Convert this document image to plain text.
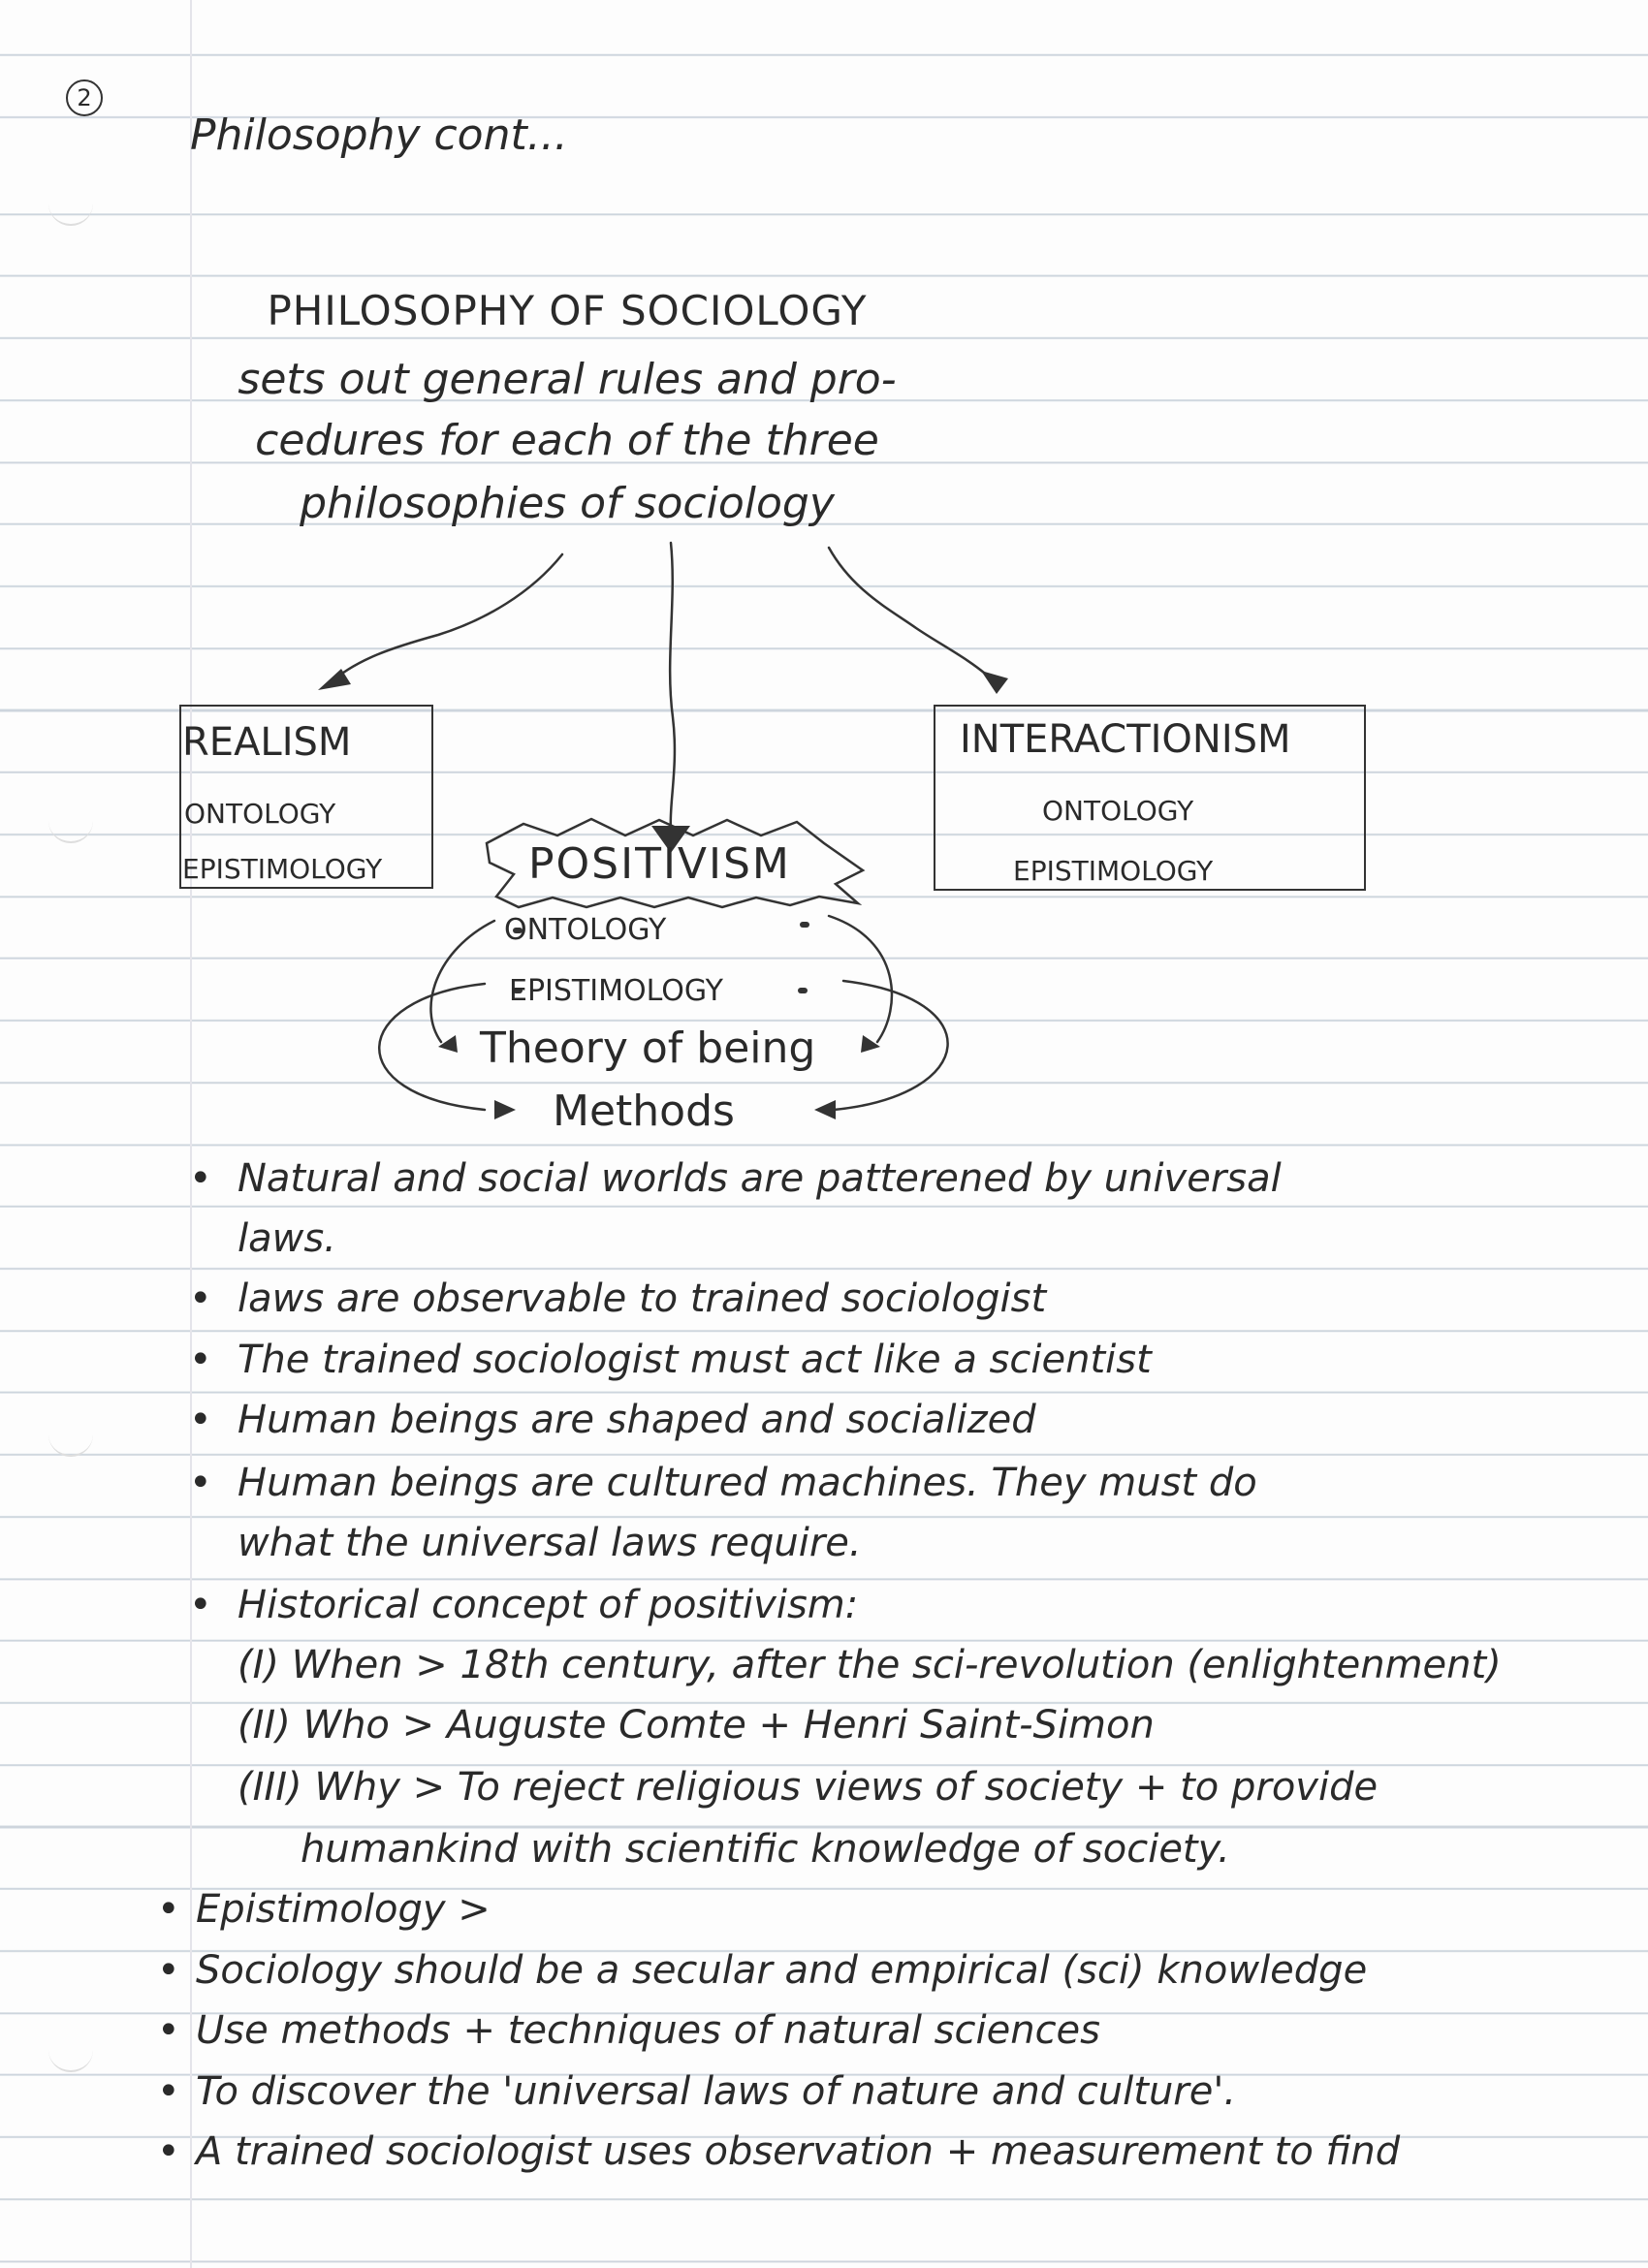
2
Philosophy cont...
PHILOSOPHY OF SOCIOLOGY
sets out general rules and pro-
cedures for each of the three
philosophies of sociology
REALISM
ONTOLOGY
EPISTIMOLOGY
INTERACTIONISM
ONTOLOGY
EPISTIMOLOGY
POSITIVISM
ONTOLOGY
EPISTIMOLOGY
Theory of being
Methods
• Natural and social worlds are patterened by universal
laws.
• laws are observable to trained sociologist
• The trained sociologist must act like a scientist
• Human beings are shaped and socialized
• Human beings are cultured machines. They must do
what the universal laws require.
• Historical concept of positivism:
(I) When > 18th century, after the sci-revolution (enlightenment)
(II) Who > Auguste Comte + Henri Saint-Simon
(III) Why > To reject religious views of society + to provide
humankind with scientific knowledge of society.
• Epistimology >
• Sociology should be a secular and empirical (sci) knowledge
• Use methods + techniques of natural sciences
• To discover the 'universal laws of nature and culture'.
• A trained sociologist uses observation + measurement to find
